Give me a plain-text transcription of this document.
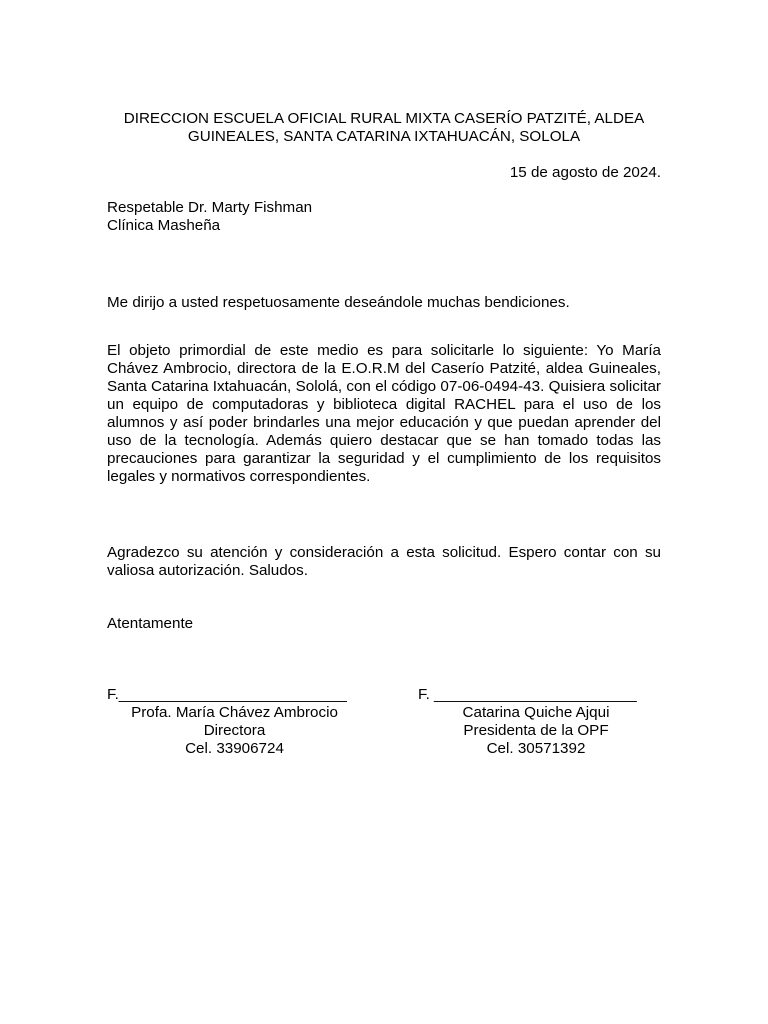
DIRECCION ESCUELA OFICIAL RURAL MIXTA CASERÍO PATZITÉ, ALDEA
GUINEALES, SANTA CATARINA IXTAHUACÁN, SOLOLA
15 de agosto de 2024.
Respetable Dr. Marty Fishman
Clínica Masheña
Me dirijo a usted respetuosamente deseándole muchas bendiciones.
El objeto primordial de este medio es para solicitarle lo siguiente: Yo María Chávez Ambrocio, directora de la E.O.R.M del Caserío Patzité, aldea Guineales, Santa Catarina Ixtahuacán, Sololá, con el código 07-06-0494-43. Quisiera solicitar un equipo de computadoras y biblioteca digital RACHEL para el uso de los alumnos y así poder brindarles una mejor educación y que puedan aprender del uso de la tecnología. Además quiero destacar que se han tomado todas las precauciones para garantizar la seguridad y el cumplimiento de los requisitos legales y normativos correspondientes.
Agradezco su atención y consideración a esta solicitud. Espero contar con su valiosa autorización. Saludos.
Atentamente
F.___________________________
Profa. María Chávez Ambrocio
Directora
Cel. 33906724
F. ________________________
Catarina Quiche Ajqui
Presidenta de la OPF
Cel. 30571392
